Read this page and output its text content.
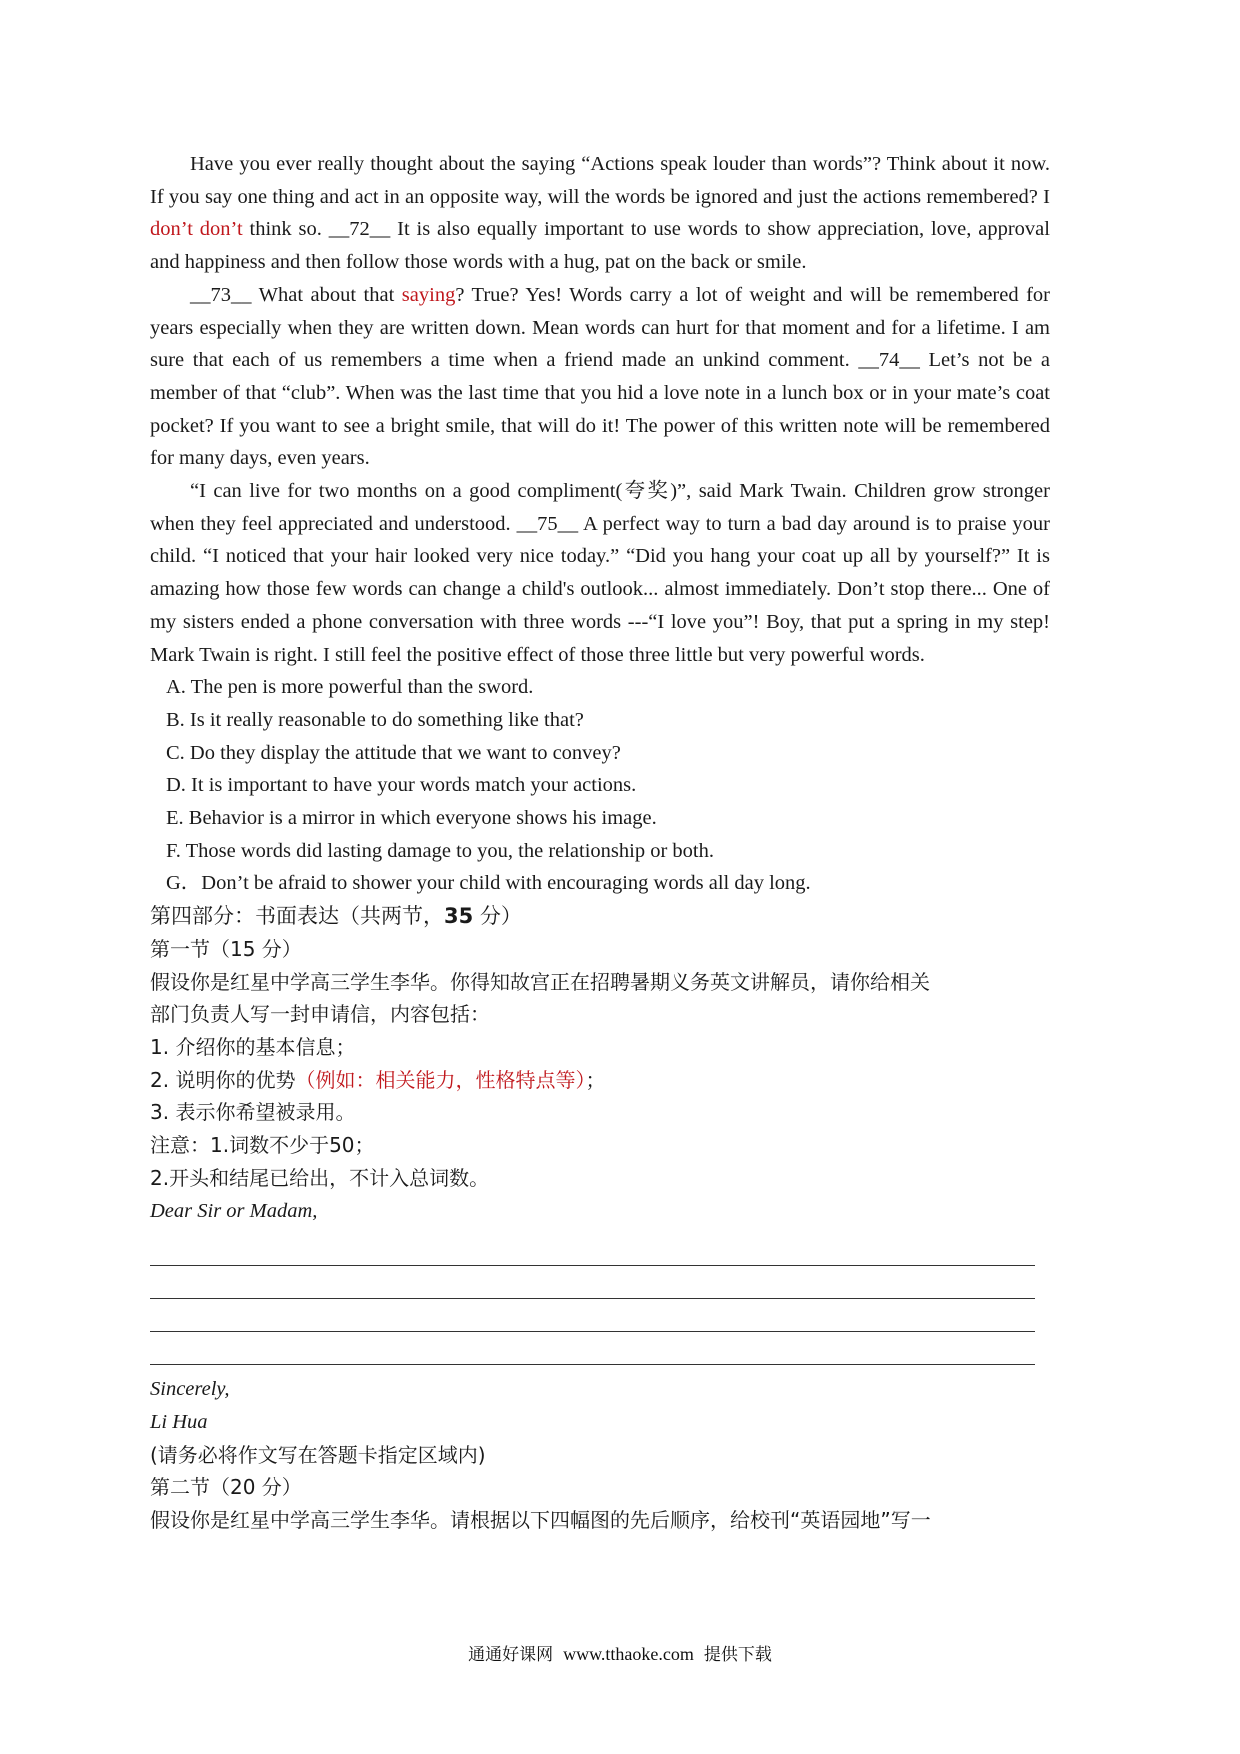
Have you ever really thought about the saying “Actions speak louder than words”? Think about it now. If you say one thing and act in an opposite way, will the words be ignored and just the actions remembered? I don’t don’t think so. __72__ It is also equally important to use words to show appreciation, love, approval and happiness and then follow those words with a hug, pat on the back or smile.

__73__ What about that saying? True? Yes! Words carry a lot of weight and will be remembered for years especially when they are written down. Mean words can hurt for that moment and for a lifetime. I am sure that each of us remembers a time when a friend made an unkind comment. __74__ Let’s not be a member of that “club”. When was the last time that you hid a love note in a lunch box or in your mate’s coat pocket? If you want to see a bright smile, that will do it! The power of this written note will be remembered for many days, even years.

“I can live for two months on a good compliment(夸奖)”, said Mark Twain. Children grow stronger when they feel appreciated and understood. __75__ A perfect way to turn a bad day around is to praise your child. “I noticed that your hair looked very nice today.” “Did you hang your coat up all by yourself?” It is amazing how those few words can change a child's outlook... almost immediately. Don’t stop there... One of my sisters ended a phone conversation with three words ---“I love you”! Boy, that put a spring in my step! Mark Twain is right. I still feel the positive effect of those three little but very powerful words.

A. The pen is more powerful than the sword.
B. Is it really reasonable to do something like that?
C. Do they display the attitude that we want to convey?
D. It is important to have your words match your actions.
E. Behavior is a mirror in which everyone shows his image.
F. Those words did lasting damage to you, the relationship or both.
G．Don’t be afraid to shower your child with encouraging words all day long.

第四部分：书面表达（共两节，35 分）

第一节（15 分）

假设你是红星中学高三学生李华。你得知故宫正在招聘暑期义务英文讲解员，请你给相关

部门负责人写一封申请信，内容包括：

1. 介绍你的基本信息；

2. 说明你的优势（例如：相关能力，性格特点等）；

3. 表示你希望被录用。

注意：1.词数不少于50；

2.开头和结尾已给出，不计入总词数。

Dear Sir or Madam,

Sincerely,

Li Hua

(请务必将作文写在答题卡指定区域内)

第二节（20 分）

假设你是红星中学高三学生李华。请根据以下四幅图的先后顺序，给校刊“英语园地”写一

通通好课网 www.tthaoke.com 提供下载
